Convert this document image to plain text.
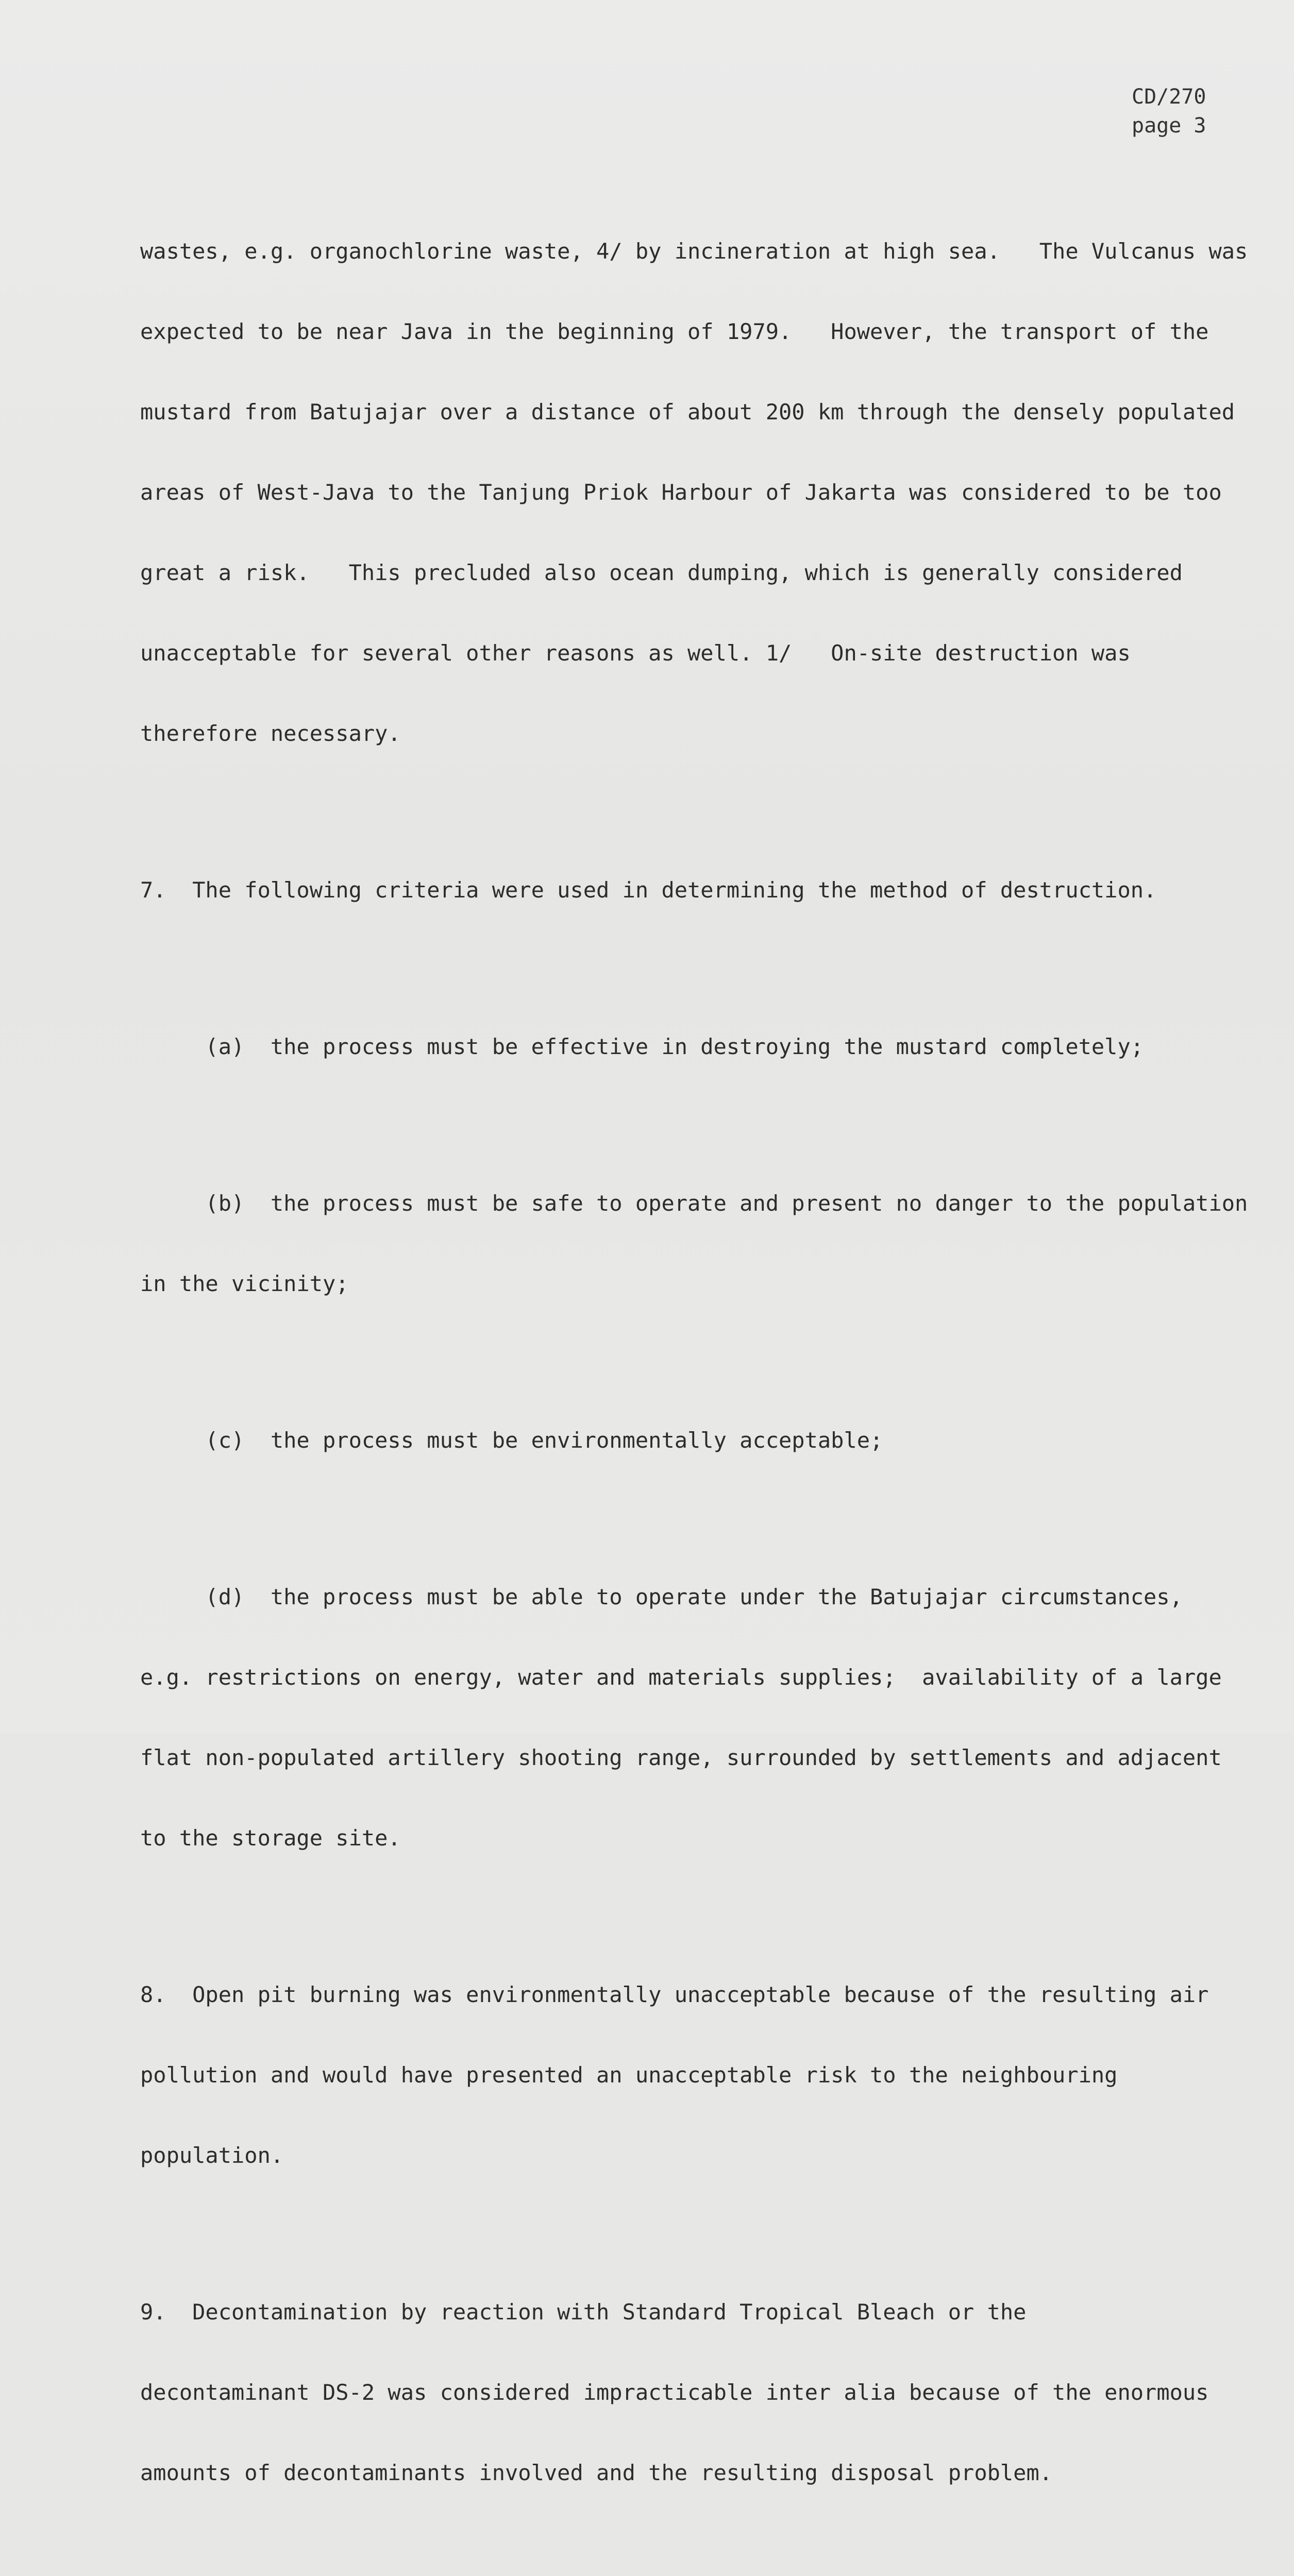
CD/270
page 3

wastes, e.g. organochlorine waste, 4/ by incineration at high sea.   The Vulcanus was

expected to be near Java in the beginning of 1979.   However, the transport of the

mustard from Batujajar over a distance of about 200 km through the densely populated

areas of West-Java to the Tanjung Priok Harbour of Jakarta was considered to be too

great a risk.   This precluded also ocean dumping, which is generally considered

unacceptable for several other reasons as well. 1/   On-site destruction was

therefore necessary.

7.  The following criteria were used in determining the method of destruction.

(a)  the process must be effective in destroying the mustard completely;

(b)  the process must be safe to operate and present no danger to the population

in the vicinity;

(c)  the process must be environmentally acceptable;

(d)  the process must be able to operate under the Batujajar circumstances,

e.g. restrictions on energy, water and materials supplies;  availability of a large

flat non-populated artillery shooting range, surrounded by settlements and adjacent

to the storage site.

8.  Open pit burning was environmentally unacceptable because of the resulting air

pollution and would have presented an unacceptable risk to the neighbouring

population.

9.  Decontamination by reaction with Standard Tropical Bleach or the

decontaminant DS-2 was considered impracticable inter alia because of the enormous

amounts of decontaminants involved and the resulting disposal problem.
